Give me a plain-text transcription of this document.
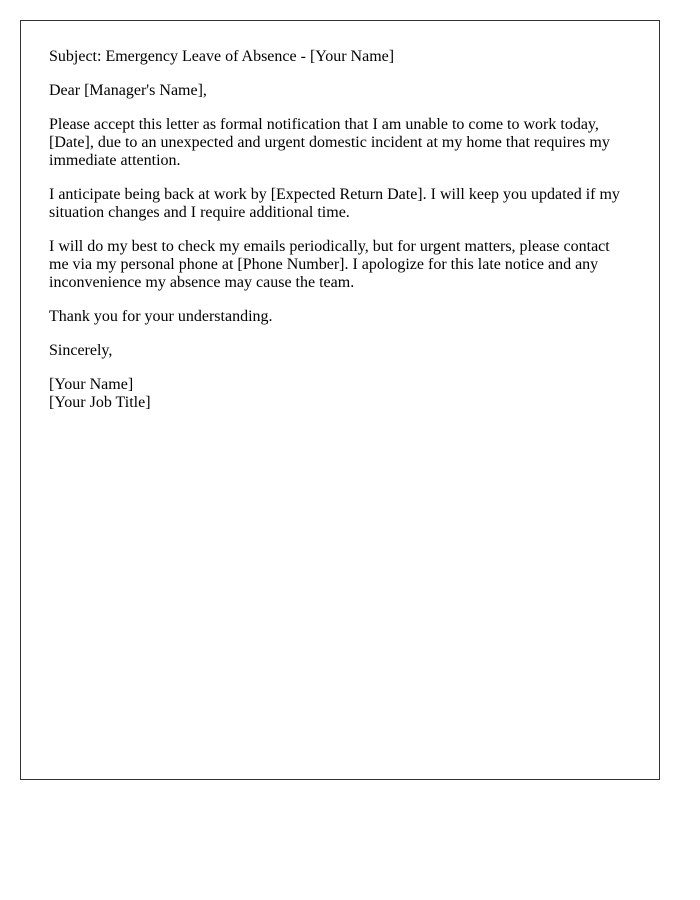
Subject: Emergency Leave of Absence - [Your Name]

Dear [Manager's Name],

Please accept this letter as formal notification that I am unable to come to work today, [Date], due to an unexpected and urgent domestic incident at my home that requires my immediate attention.

I anticipate being back at work by [Expected Return Date]. I will keep you updated if my situation changes and I require additional time.

I will do my best to check my emails periodically, but for urgent matters, please contact me via my personal phone at [Phone Number]. I apologize for this late notice and any inconvenience my absence may cause the team.

Thank you for your understanding.

Sincerely,

[Your Name]
[Your Job Title]
